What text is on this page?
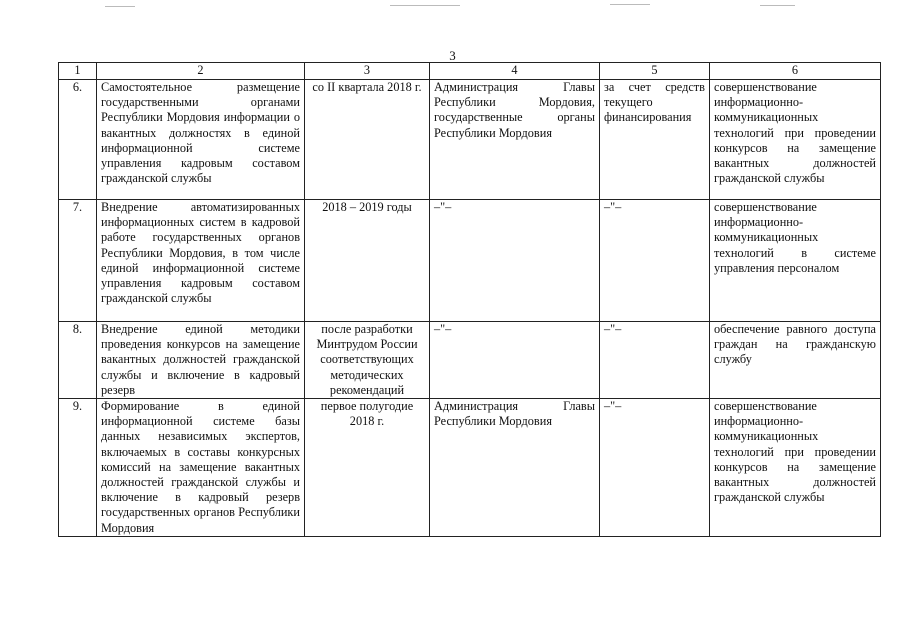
3
1	2	3	4	5	6
6.	Самостоятельное размещение государственными органами Республики Мордовия информации о вакантных должностях в единой информационной системе управления кадровым составом гражданской службы	со II квартала 2018 г.	Администрация Главы Республики Мордовия, государственные органы Республики Мордовия	за счет средств текущего финансирования	совершенствование информационно-коммуникационных технологий при проведении конкурсов на замещение вакантных должностей гражданской службы
7.	Внедрение автоматизированных информационных систем в кадровой работе государственных органов Республики Мордовия, в том числе единой информационной системе управления кадровым составом гражданской службы	2018 – 2019 годы	–"–	–"–	совершенствование информационно-коммуникационных технологий в системе управления персоналом
8.	Внедрение единой методики проведения конкурсов на замещение вакантных должностей гражданской службы и включение в кадровый резерв	после разработки Минтрудом России соответствующих методических рекомендаций	–"–	–"–	обеспечение равного доступа граждан на гражданскую службу
9.	Формирование в единой информационной системе базы данных независимых экспертов, включаемых в составы конкурсных комиссий на замещение вакантных должностей гражданской службы и включение в кадровый резерв государственных органов Республики Мордовия	первое полугодие 2018 г.	Администрация Главы Республики Мордовия	–"–	совершенствование информационно-коммуникационных технологий при проведении конкурсов на замещение вакантных должностей гражданской службы
